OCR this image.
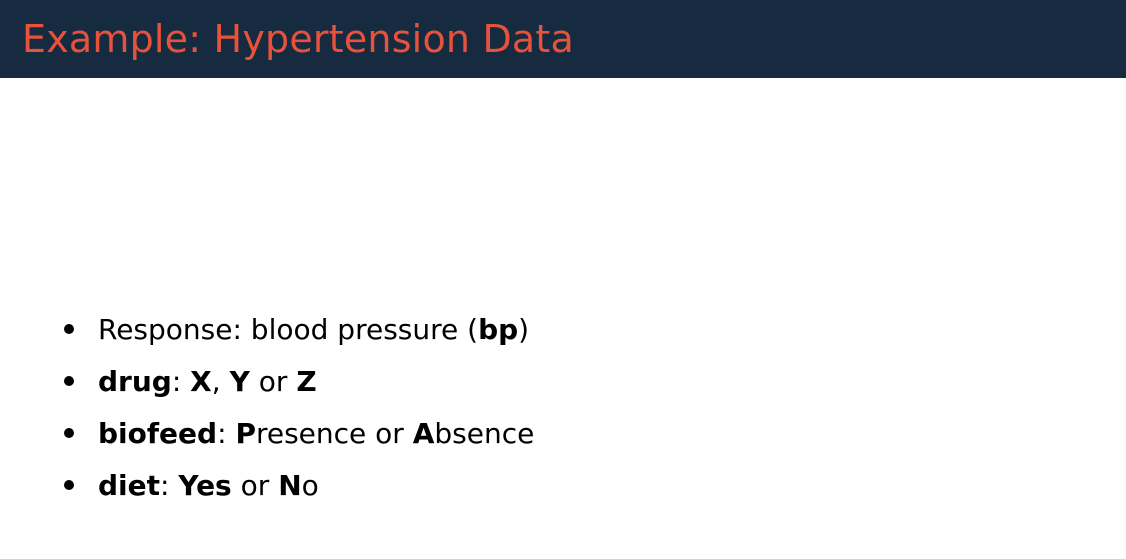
Example: Hypertension Data
Response: blood pressure (bp)
drug: X, Y or Z
biofeed: Presence or Absence
diet: Yes or No
